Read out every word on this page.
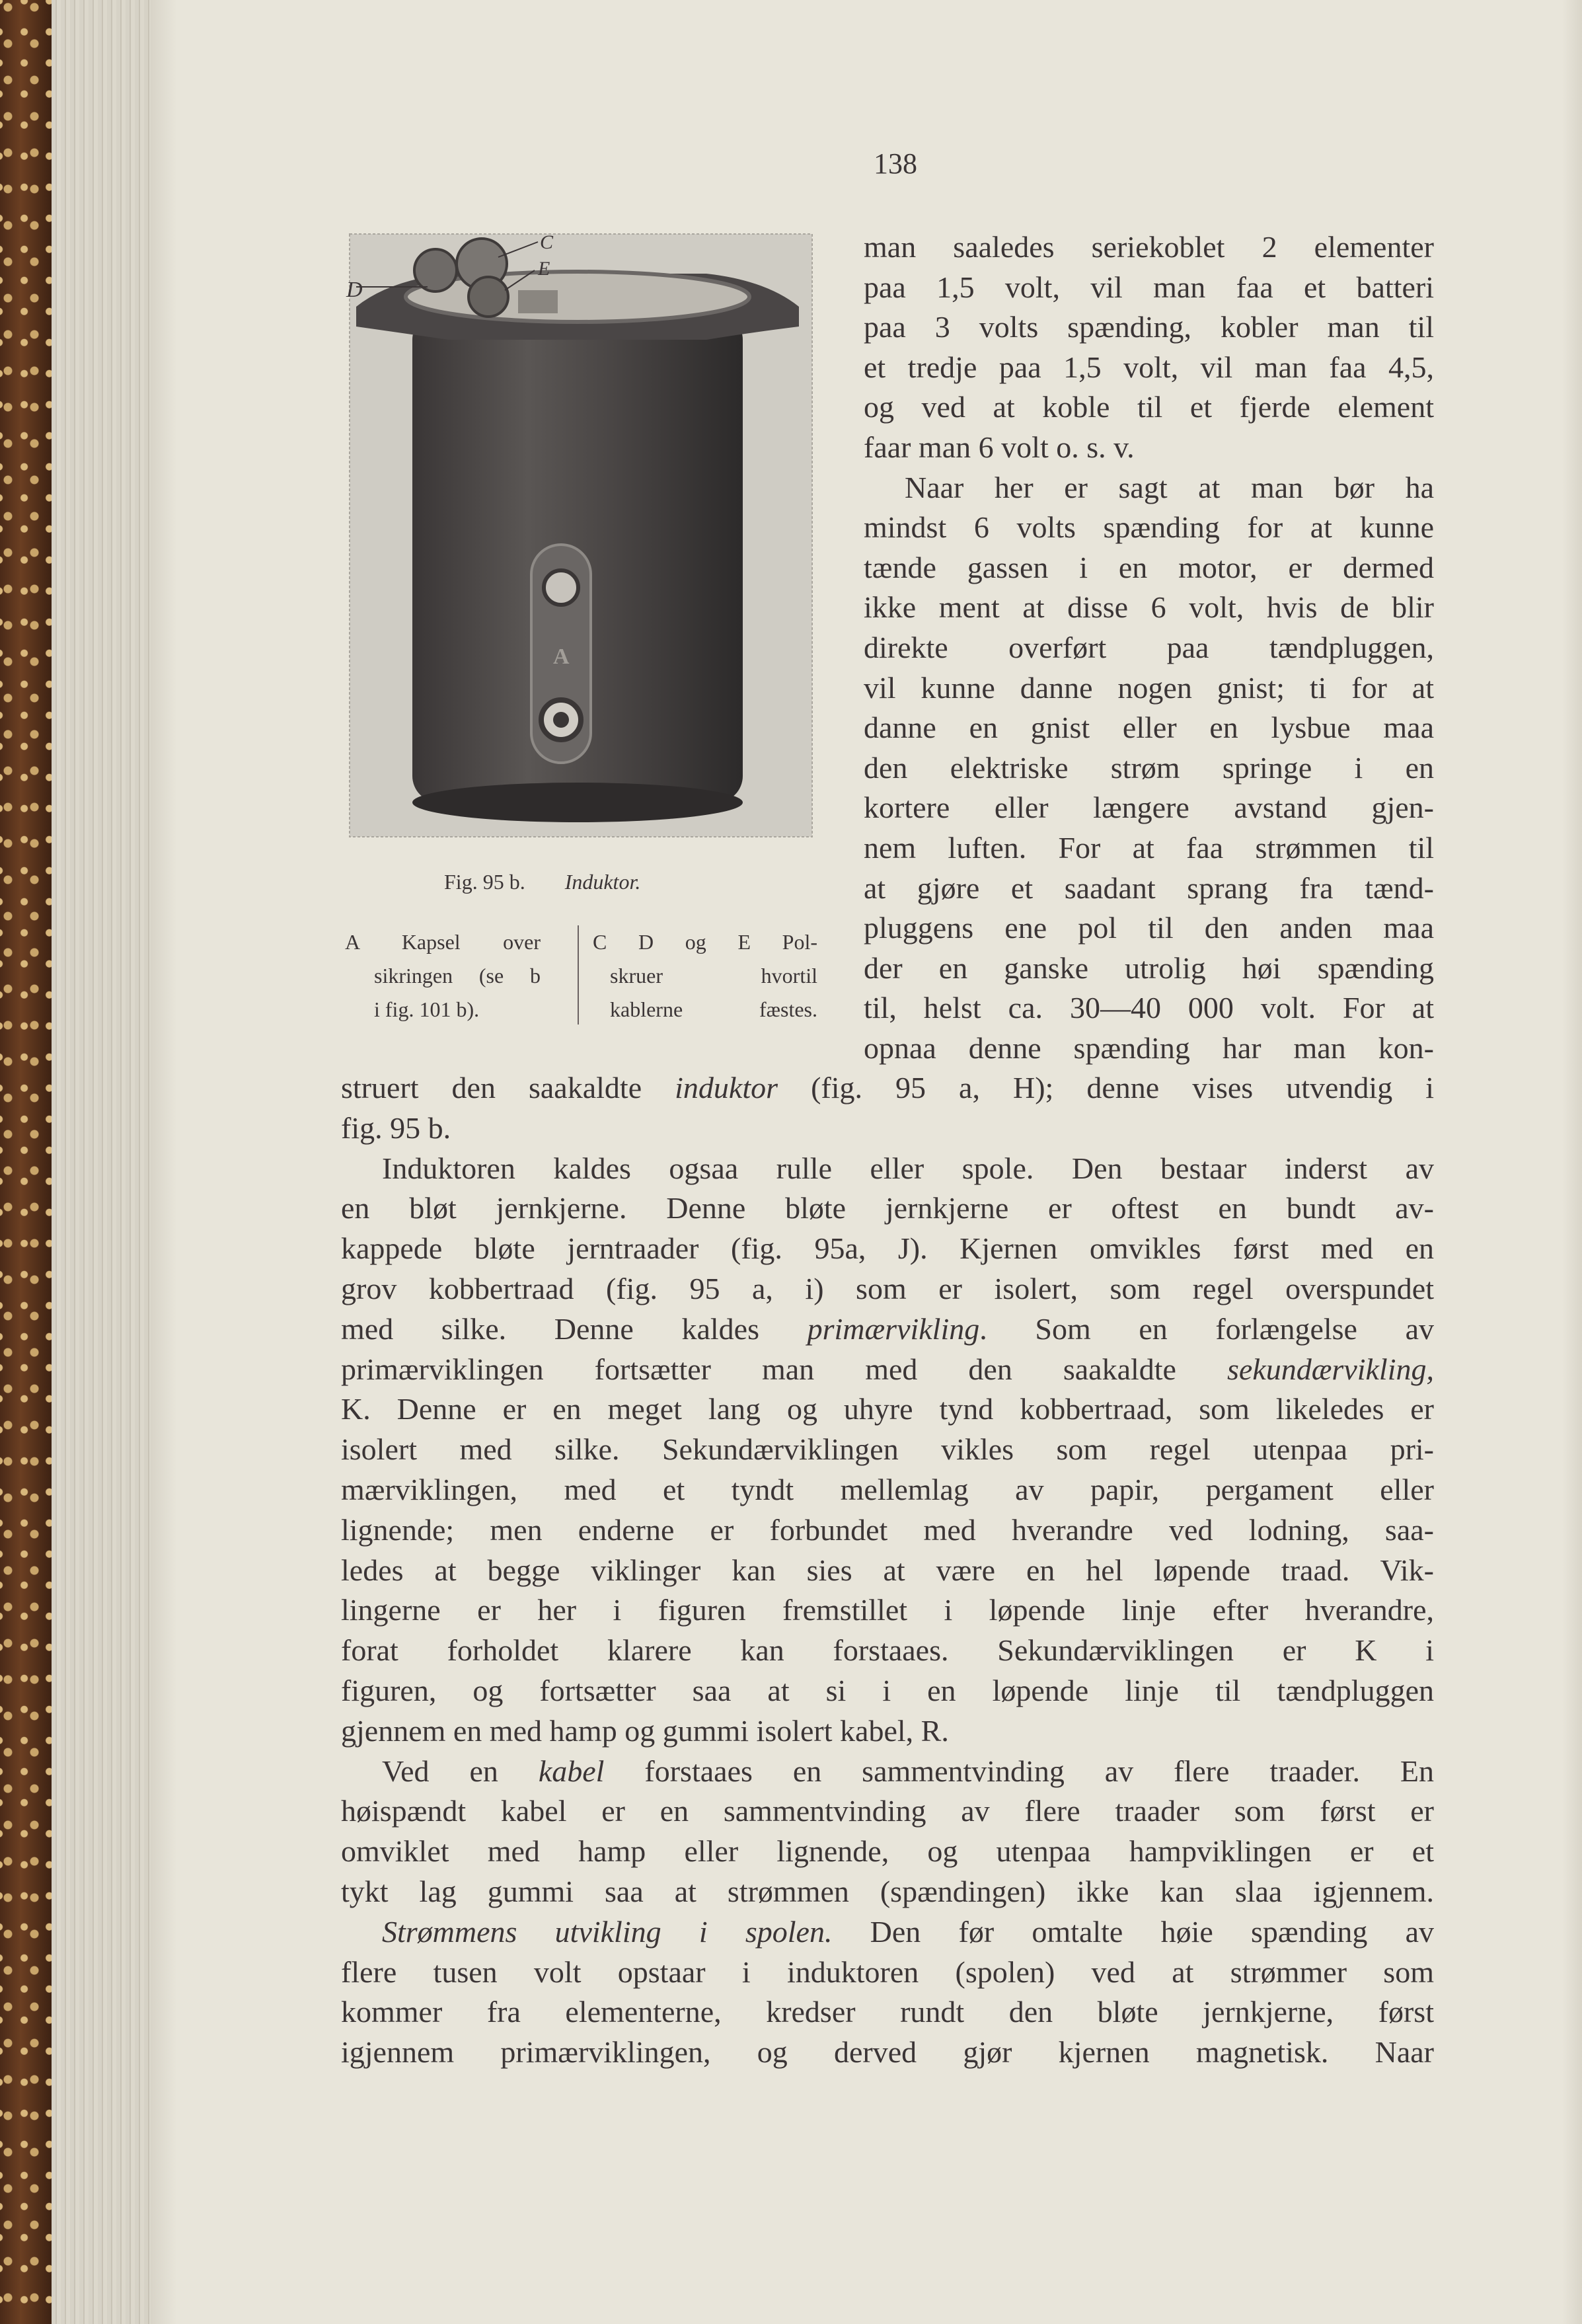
138
D
C
E
A
Fig. 95 b. Induktor.
A Kapsel over
sikringen (se b
i fig. 101 b).
C D og E Pol-
skruer hvortil
kablerne fæstes.
man saaledes seriekoblet 2 elementer
paa 1,5 volt, vil man faa et batteri
paa 3 volts spænding, kobler man til
et tredje paa 1,5 volt, vil man faa 4,5,
og ved at koble til et fjerde element
faar man 6 volt o. s. v.
Naar her er sagt at man bør ha
mindst 6 volts spænding for at kunne
tænde gassen i en motor, er dermed
ikke ment at disse 6 volt, hvis de blir
direkte overført paa tændpluggen,
vil kunne danne nogen gnist; ti for at
danne en gnist eller en lysbue maa
den elektriske strøm springe i en
kortere eller længere avstand gjen-
nem luften. For at faa strømmen til
at gjøre et saadant sprang fra tænd-
pluggens ene pol til den anden maa
der en ganske utrolig høi spænding
til, helst ca. 30—40 000 volt. For at
opnaa denne spænding har man kon-
struert den saakaldte induktor (fig. 95 a, H); denne vises utvendig i
fig. 95 b.
Induktoren kaldes ogsaa rulle eller spole. Den bestaar inderst av
en bløt jernkjerne. Denne bløte jernkjerne er oftest en bundt av-
kappede bløte jerntraader (fig. 95a, J). Kjernen omvikles først med en
grov kobbertraad (fig. 95 a, i) som er isolert, som regel overspundet
med silke. Denne kaldes primærvikling. Som en forlængelse av
primærviklingen fortsætter man med den saakaldte sekundærvikling,
K. Denne er en meget lang og uhyre tynd kobbertraad, som likeledes er
isolert med silke. Sekundærviklingen vikles som regel utenpaa pri-
mærviklingen, med et tyndt mellemlag av papir, pergament eller
lignende; men enderne er forbundet med hverandre ved lodning, saa-
ledes at begge viklinger kan sies at være en hel løpende traad. Vik-
lingerne er her i figuren fremstillet i løpende linje efter hverandre,
forat forholdet klarere kan forstaaes. Sekundærviklingen er K i
figuren, og fortsætter saa at si i en løpende linje til tændpluggen
gjennem en med hamp og gummi isolert kabel, R.
Ved en kabel forstaaes en sammentvinding av flere traader. En
høispændt kabel er en sammentvinding av flere traader som først er
omviklet med hamp eller lignende, og utenpaa hampviklingen er et
tykt lag gummi saa at strømmen (spændingen) ikke kan slaa igjennem.
Strømmens utvikling i spolen. Den før omtalte høie spænding av
flere tusen volt opstaar i induktoren (spolen) ved at strømmer som
kommer fra elementerne, kredser rundt den bløte jernkjerne, først
igjennem primærviklingen, og derved gjør kjernen magnetisk. Naar
